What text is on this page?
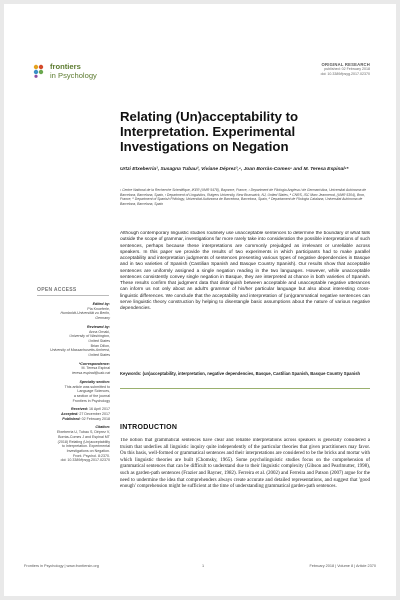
frontiers
in Psychology
ORIGINAL RESEARCH
published: 02 February 2018
doi: 10.3389/fpsyg.2017.02370
Relating (Un)acceptability to Interpretation. Experimental Investigations on Negation
Urtzi Etxeberria¹, Susagna Tubau², Viviane Déprez³,⁴, Joan Borràs-Comes⁵ and M. Teresa Espinal⁵*
¹ Centre National de la Recherche Scientifique, IKER (UMR 5478), Bayonne, France, ² Department de Filologia Anglesa i de Germanística, Universitat Autònoma de Barcelona, Barcelona, Spain, ³ Department of Linguistics, Rutgers University, New Brunswick, NJ, United States, ⁴ CNRS, ISC Marc Jeannerod, (UMR 5304), Bron, France, ⁵ Department of Spanish Philology, Universitat Autònoma de Barcelona, Barcelona, Spain, ⁶ Departament de Filologia Catalana, Universitat Autònoma de Barcelona, Barcelona, Spain

Although contemporary linguistic studies routinely use unacceptable sentences to determine the boundary of what falls outside the scope of grammar, investigations far more rarely take into consideration the possible interpretations of such sentences, perhaps because these interpretations are commonly prejudged as irrelevant or unreliable across speakers. In this paper we provide the results of two experiments in which participants had to make parallel acceptability and interpretation judgments of sentences presenting various types of negative dependencies in Basque and in two varieties of Spanish (Castilian Spanish and Basque Country Spanish). Our results show that acceptable sentences are uniformly assigned a single negation reading in the two languages. However, while unacceptable sentences consistently convey single negation in Basque, they are interpreted at chance in both varieties of Spanish. These results confirm that judgment data that distinguish between acceptable and unacceptable negative utterances can inform us not only about an adult's grammar of his/her particular language but also about interesting cross-linguistic differences. We conclude that the acceptability and interpretation of (un)grammatical negative sentences can serve linguistic theory construction by helping to disentangle basic assumptions about the nature of various negative dependencies.

Keywords: (un)acceptability, interpretation, negative dependencies, Basque, Castilian Spanish, Basque Country Spanish
OPEN ACCESS
Edited by:
Pia Knoeferle,
Humboldt-Universität zu Berlin,
Germany
Reviewed by:
Anna Ornaki,
University of Washington,
United States
Brian Dillon,
University of Massachusetts Amherst,
United States
*Correspondence:
M. Teresa Espinal
teresa.espinal@uab.cat
Specialty section:
This article was submitted to
Language Sciences,
a section of the journal
Frontiers in Psychology
Received: 16 April 2017
Accepted: 27 December 2017
Published: 02 February 2018
Citation:
Etxeberria U, Tubau S, Déprez V,
Borràs-Comes J and Espinal MT
(2018) Relating (Un)acceptability
to Interpretation. Experimental
Investigations on Negation.
Front. Psychol. 8:2370.
doi: 10.3389/fpsyg.2017.02370
INTRODUCTION

The notion that grammatical sentences have clear and reliable interpretations across speakers is generally considered a truism that underlies all linguistic inquiry quite independently of the particular theories that given practitioners may favor. On this basis, well-formed or grammatical sentences and their interpretations are considered to be the bricks and mortar with which linguistic theories are built (Chomsky, 1965). Some psycholinguistic studies focus on the comprehension of grammatical sentences that can be difficult to understand due to their linguistic complexity (Gibson and Pearlmutter, 1998), such as garden-path sentences (Frazier and Rayner, 1982). Ferreira et al. (2002) and Ferreira and Patson (2007) argue for the need to undermine the idea that comprehenders always create accurate and detailed representations, and suggest that 'good enough' comprehension might be sufficient at the time of understanding grammatical garden-path sentences.

Frontiers in Psychology | www.frontiersin.org	1	February 2018 | Volume 8 | Article 2370
